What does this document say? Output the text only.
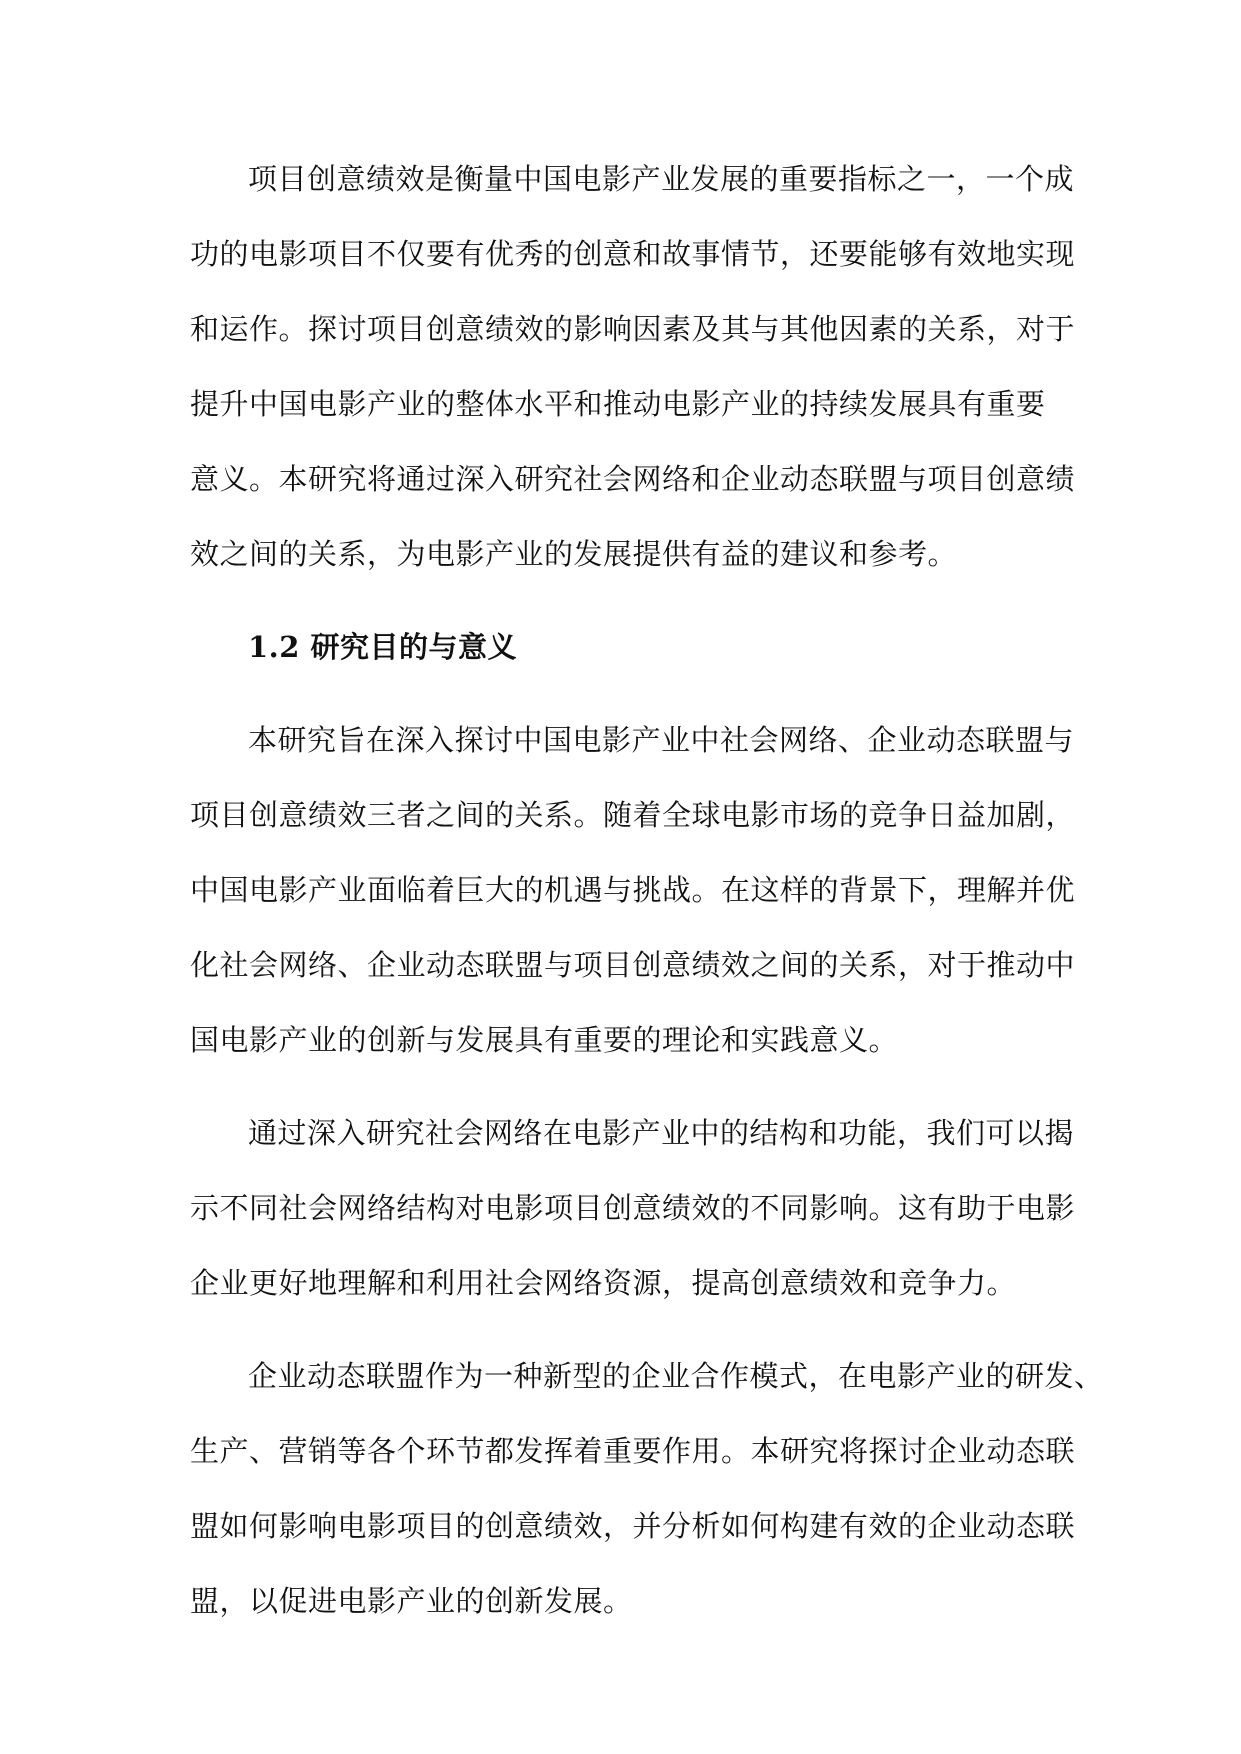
项目创意绩效是衡量中国电影产业发展的重要指标之一，一个成
功的电影项目不仅要有优秀的创意和故事情节，还要能够有效地实现
和运作。探讨项目创意绩效的影响因素及其与其他因素的关系，对于
提升中国电影产业的整体水平和推动电影产业的持续发展具有重要
意义。本研究将通过深入研究社会网络和企业动态联盟与项目创意绩
效之间的关系，为电影产业的发展提供有益的建议和参考。
1.2 研究目的与意义
本研究旨在深入探讨中国电影产业中社会网络、企业动态联盟与
项目创意绩效三者之间的关系。随着全球电影市场的竞争日益加剧，
中国电影产业面临着巨大的机遇与挑战。在这样的背景下，理解并优
化社会网络、企业动态联盟与项目创意绩效之间的关系，对于推动中
国电影产业的创新与发展具有重要的理论和实践意义。
通过深入研究社会网络在电影产业中的结构和功能，我们可以揭
示不同社会网络结构对电影项目创意绩效的不同影响。这有助于电影
企业更好地理解和利用社会网络资源，提高创意绩效和竞争力。
企业动态联盟作为一种新型的企业合作模式，在电影产业的研发、
生产、营销等各个环节都发挥着重要作用。本研究将探讨企业动态联
盟如何影响电影项目的创意绩效，并分析如何构建有效的企业动态联
盟，以促进电影产业的创新发展。
